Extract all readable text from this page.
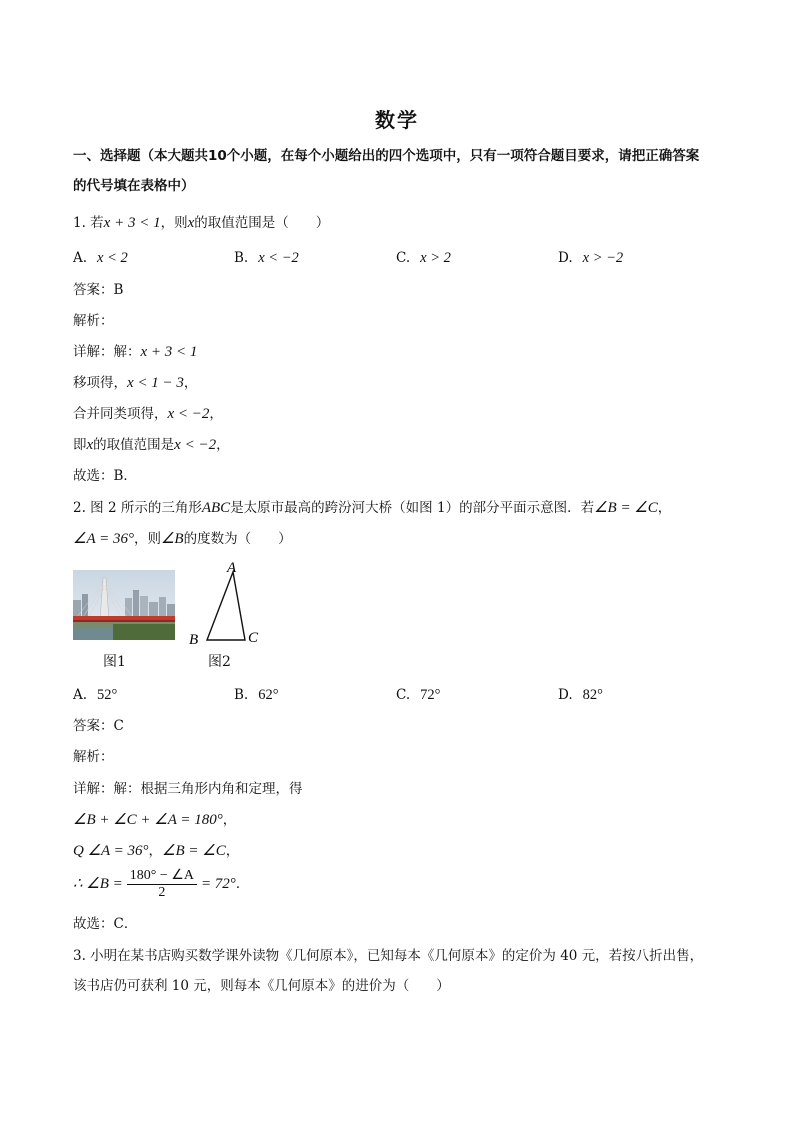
数学
一、选择题（本大题共10个小题，在每个小题给出的四个选项中，只有一项符合题目要求，请把正确答案
的代号填在表格中）
1. 若x + 3 < 1，则x的取值范围是（　　）
A. x < 2	B. x < −2	C. x > 2	D. x > −2
答案：B
解析：
详解：解：x + 3 < 1
移项得，x < 1 − 3，
合并同类项得，x < −2，
即x的取值范围是x < −2，
故选：B．
2. 图 2 所示的三角形ABC是太原市最高的跨汾河大桥（如图 1）的部分平面示意图．若∠B = ∠C，
∠A = 36°，则∠B的度数为（　　）
A
B	C
图1	图2
A. 52°	B. 62°	C. 72°	D. 82°
答案：C
解析：
详解：解：根据三角形内角和定理，得
∠B + ∠C + ∠A = 180°，
Q ∠A = 36°，∠B = ∠C，
∴ ∠B = $\frac{180^\circ - \angle A}{2} = 72^\circ$．
故选：C．
3. 小明在某书店购买数学课外读物《几何原本》，已知每本《几何原本》的定价为 40 元，若按八折出售，
该书店仍可获利 10 元，则每本《几何原本》的进价为（　　）
